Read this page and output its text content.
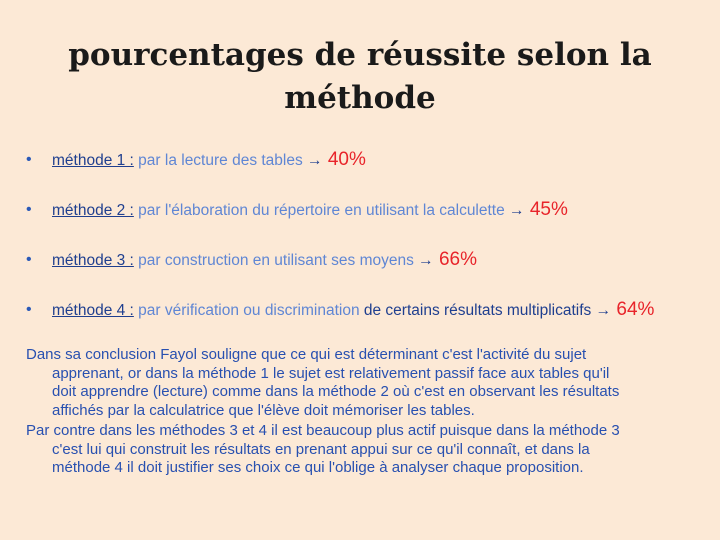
pourcentages de réussite selon la
méthode
• méthode 1 : par la lecture des tables → 40%
• méthode 2 : par l'élaboration du répertoire en utilisant la calculette → 45%
• méthode 3 : par construction en utilisant ses moyens → 66%
• méthode 4 : par vérification ou discrimination de certains résultats multiplicatifs → 64%

Dans sa conclusion Fayol souligne que ce qui est déterminant c'est l'activité du sujet
apprenant, or dans la méthode 1 le sujet est relativement passif face aux tables qu'il
doit apprendre (lecture) comme dans la méthode 2 où c'est en observant les résultats
affichés par la calculatrice que l'élève doit mémoriser les tables.

Par contre dans les méthodes 3 et 4 il est beaucoup plus actif puisque dans la méthode 3
c'est lui qui construit les résultats en prenant appui sur ce qu'il connaît, et dans la
méthode 4 il doit justifier ses choix ce qui l'oblige à analyser chaque proposition.
